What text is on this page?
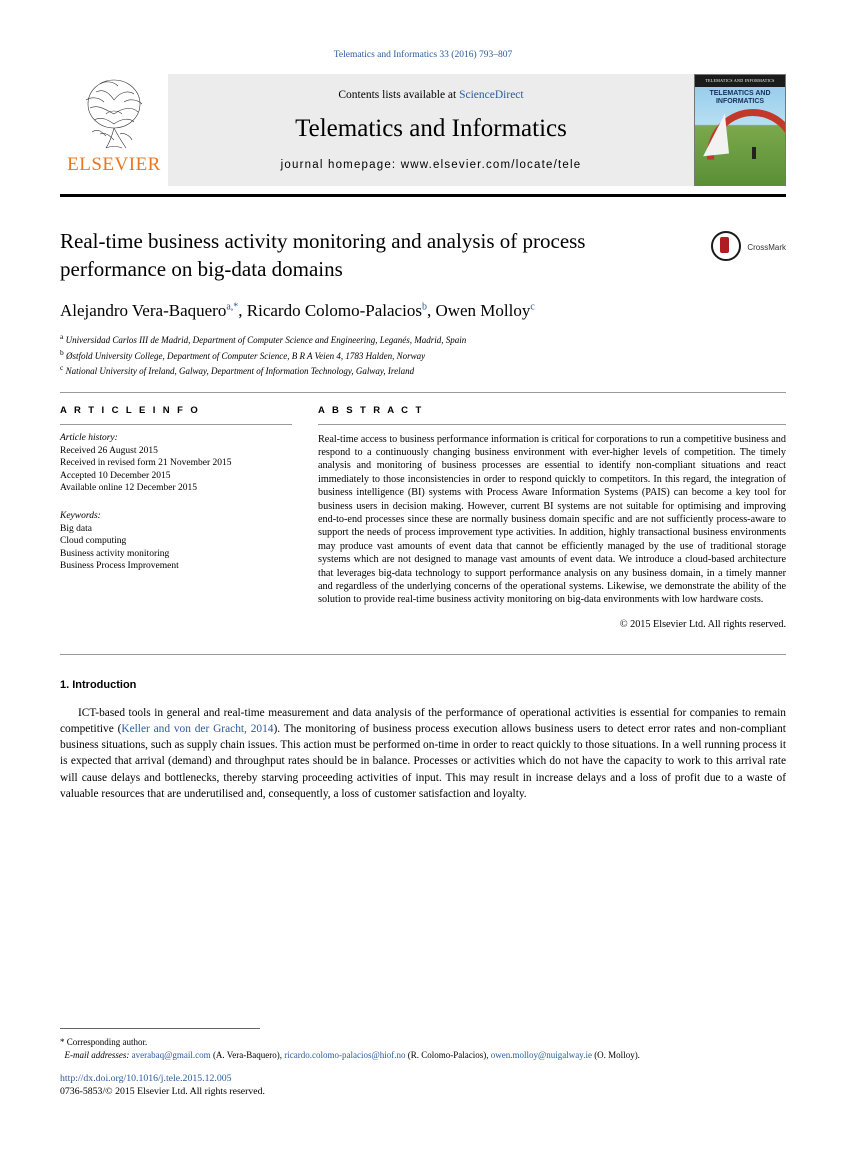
Telematics and Informatics 33 (2016) 793–807
ELSEVIER
Contents lists available at ScienceDirect
Telematics and Informatics
journal homepage: www.elsevier.com/locate/tele
TELEMATICS AND INFORMATICS
TELEMATICS AND INFORMATICS
Real-time business activity monitoring and analysis of process performance on big-data domains
CrossMark
Alejandro Vera-Baquero$^{a,*}$, Ricardo Colomo-Palacios$^b$, Owen Molloy$^c$
$^a$ Universidad Carlos III de Madrid, Department of Computer Science and Engineering, Leganés, Madrid, Spain
$^b$ Østfold University College, Department of Computer Science, B R A Veien 4, 1783 Halden, Norway
$^c$ National University of Ireland, Galway, Department of Information Technology, Galway, Ireland
A R T I C L E I N F O
Article history:
Received 26 August 2015
Received in revised form 21 November 2015
Accepted 10 December 2015
Available online 12 December 2015
Keywords:
Big data
Cloud computing
Business activity monitoring
Business Process Improvement
A B S T R A C T
Real-time access to business performance information is critical for corporations to run a competitive business and respond to a continuously changing business environment with ever-higher levels of competition. The timely analysis and monitoring of business processes are essential to identify non-compliant situations and react immediately to those inconsistencies in order to respond quickly to competitors. In this regard, the integration of business intelligence (BI) systems with Process Aware Information Systems (PAIS) can become a key tool for business users in decision making. However, current BI systems are not suitable for optimising and improving end-to-end processes since these are normally business domain specific and are not sufficiently process-aware to support the needs of process improvement type activities. In addition, highly transactional business environments may produce vast amounts of event data that cannot be efficiently managed by the use of traditional storage systems which are not designed to manage vast amounts of event data. We introduce a cloud-based architecture that leverages big-data technology to support performance analysis on any business domain, in a timely manner and regardless of the underlying concerns of the operational systems. Likewise, we demonstrate the ability of the solution to provide real-time business activity monitoring on big-data environments with low hardware costs.
© 2015 Elsevier Ltd. All rights reserved.
1. Introduction
ICT-based tools in general and real-time measurement and data analysis of the performance of operational activities is essential for companies to remain competitive (Keller and von der Gracht, 2014). The monitoring of business process execution allows business users to detect error rates and non-compliant business situations, such as supply chain issues. This action must be performed on-time in order to react quickly to those situations. In a well running process it is expected that arrival (demand) and throughput rates should be in balance. Processes or activities which do not have the capacity to work to this arrival rate will cause delays and bottlenecks, thereby starving proceeding activities of input. This may result in increase delays and a loss of profit due to a waste of valuable resources that are underutilised and, consequently, a loss of customer satisfaction and loyalty.
* Corresponding author.
E-mail addresses: averabaq@gmail.com (A. Vera-Baquero), ricardo.colomo-palacios@hiof.no (R. Colomo-Palacios), owen.molloy@nuigalway.ie (O. Molloy).
http://dx.doi.org/10.1016/j.tele.2015.12.005
0736-5853/© 2015 Elsevier Ltd. All rights reserved.
